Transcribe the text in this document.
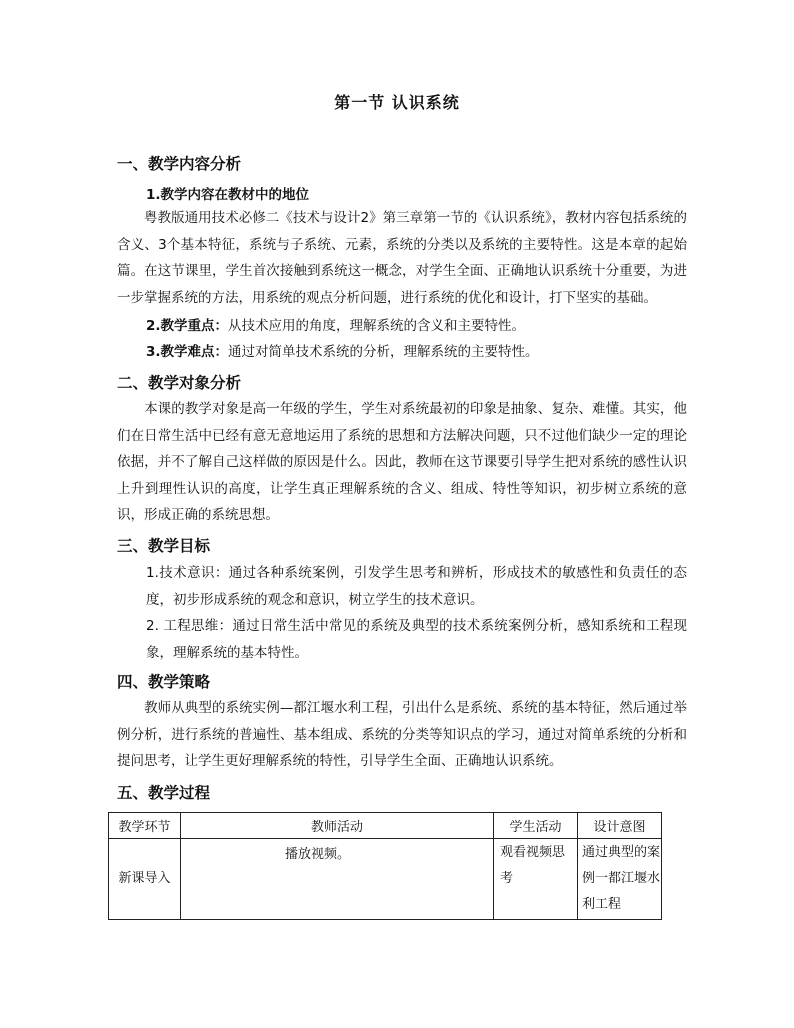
第一节 认识系统
一、教学内容分析
1.教学内容在教材中的地位
粤教版通用技术必修二《技术与设计2》第三章第一节的《认识系统》，教材内容包括系统的含义、3个基本特征，系统与子系统、元素，系统的分类以及系统的主要特性。这是本章的起始篇。在这节课里，学生首次接触到系统这一概念，对学生全面、正确地认识系统十分重要，为进一步掌握系统的方法，用系统的观点分析问题，进行系统的优化和设计，打下坚实的基础。
2.教学重点：从技术应用的角度，理解系统的含义和主要特性。
3.教学难点：通过对简单技术系统的分析，理解系统的主要特性。
二、教学对象分析
本课的教学对象是高一年级的学生，学生对系统最初的印象是抽象、复杂、难懂。其实，他们在日常生活中已经有意无意地运用了系统的思想和方法解决问题，只不过他们缺少一定的理论依据，并不了解自己这样做的原因是什么。因此，教师在这节课要引导学生把对系统的感性认识上升到理性认识的高度，让学生真正理解系统的含义、组成、特性等知识，初步树立系统的意识，形成正确的系统思想。
三、教学目标
1.技术意识：通过各种系统案例，引发学生思考和辨析，形成技术的敏感性和负责任的态度，初步形成系统的观念和意识，树立学生的技术意识。
2. 工程思维：通过日常生活中常见的系统及典型的技术系统案例分析，感知系统和工程现象，理解系统的基本特性。
四、教学策略
教师从典型的系统实例—都江堰水利工程，引出什么是系统、系统的基本特征，然后通过举例分析，进行系统的普遍性、基本组成、系统的分类等知识点的学习，通过对简单系统的分析和提问思考，让学生更好理解系统的特性，引导学生全面、正确地认识系统。
五、教学过程
教学环节	教师活动	学生活动	设计意图
新课导入	播放视频。	观看视频思考	通过典型的案例一都江堰水利工程
